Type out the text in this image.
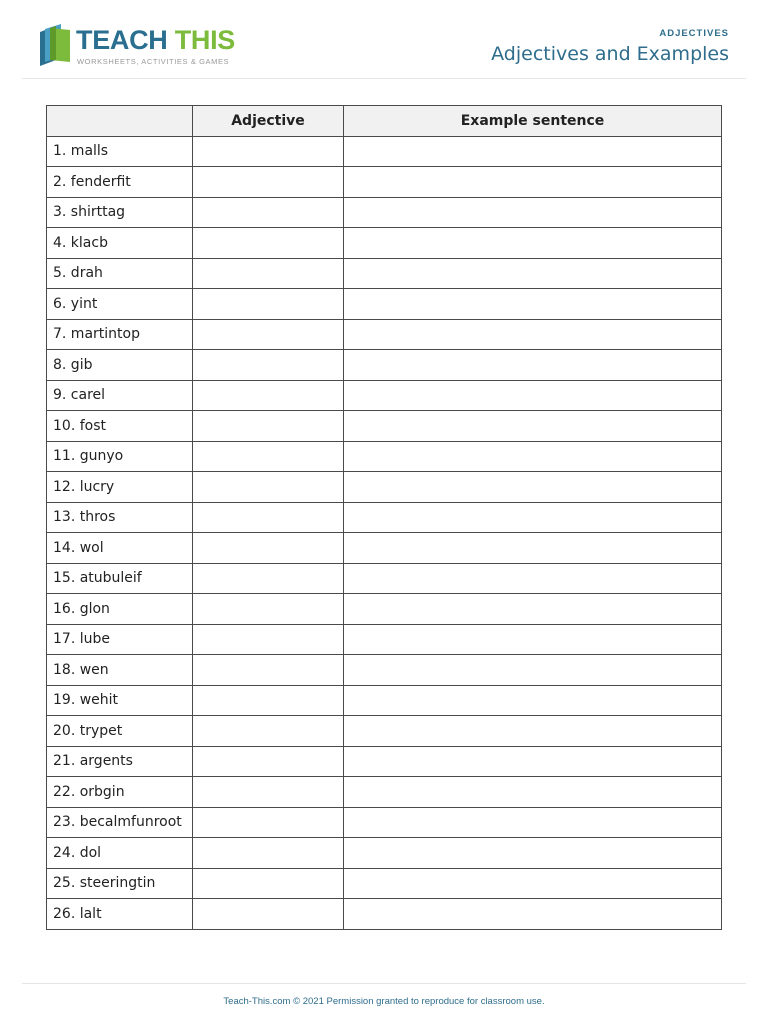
TEACH THIS
WORKSHEETS, ACTIVITIES & GAMES
ADJECTIVES
Adjectives and Examples
	Adjective	Example sentence
1. malls		
2. fenderfit		
3. shirttag		
4. klacb		
5. drah		
6. yint		
7. martintop		
8. gib		
9. carel		
10. fost		
11. gunyo		
12. lucry		
13. thros		
14. wol		
15. atubuleif		
16. glon		
17. lube		
18. wen		
19. wehit		
20. trypet		
21. argents		
22. orbgin		
23. becalmfunroot		
24. dol		
25. steeringtin		
26. lalt		
Teach-This.com © 2021 Permission granted to reproduce for classroom use.
